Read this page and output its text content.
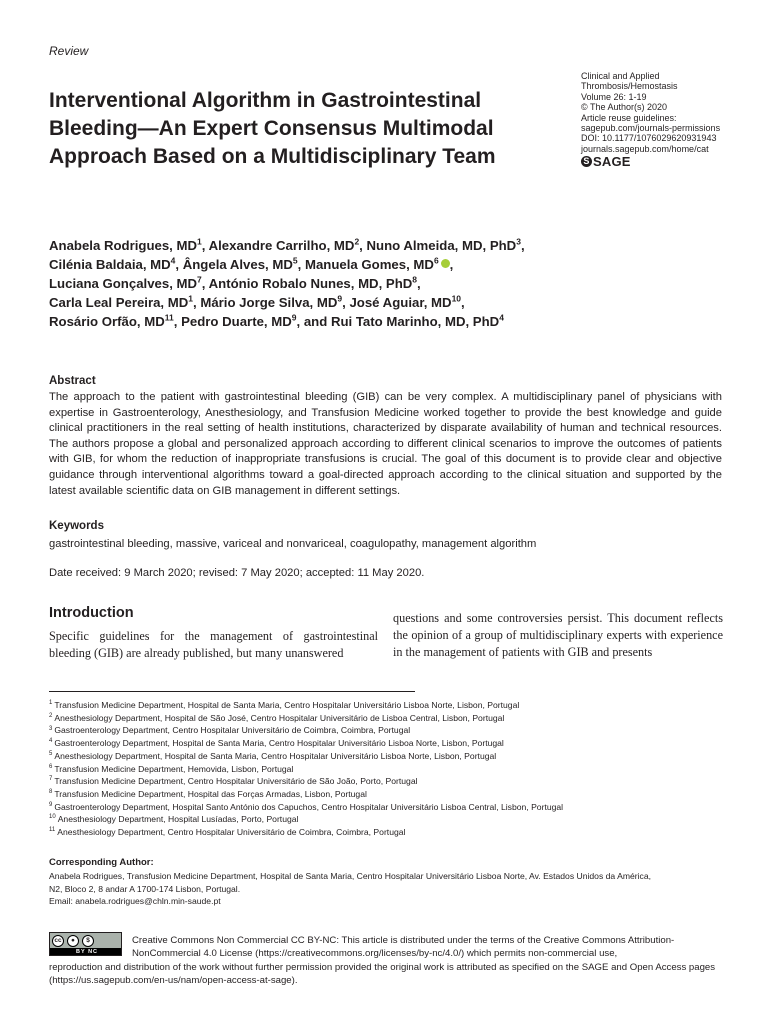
Review
Interventional Algorithm in Gastrointestinal Bleeding—An Expert Consensus Multimodal Approach Based on a Multidisciplinary Team
Clinical and Applied
Thrombosis/Hemostasis
Volume 26: 1-19
© The Author(s) 2020
Article reuse guidelines:
sagepub.com/journals-permissions
DOI: 10.1177/1076029620931943
journals.sagepub.com/home/cat
S SAGE
Anabela Rodrigues, $MD^1$, Alexandre Carrilho, $MD^2$, Nuno Almeida, MD, PhD$^3$,
Cilénia Baldaia, $MD^4$, Ângela Alves, $MD^5$, Manuela Gomes, $MD^6$ ,
Luciana Gonçalves, $MD^7$, António Robalo Nunes, MD, PhD$^8$,
Carla Leal Pereira, $MD^1$, Mário Jorge Silva, $MD^9$, José Aguiar, MD$^{10}$,
Rosário Orfão, MD$^{11}$, Pedro Duarte, $MD^9$, and Rui Tato Marinho, MD, PhD$^4$
Abstract
The approach to the patient with gastrointestinal bleeding (GIB) can be very complex. A multidisciplinary panel of physicians with expertise in Gastroenterology, Anesthesiology, and Transfusion Medicine worked together to provide the best knowledge and guide clinical practitioners in the real setting of health institutions, characterized by disparate availability of human and technical resources. The authors propose a global and personalized approach according to different clinical scenarios to improve the outcomes of patients with GIB, for whom the reduction of inappropriate transfusions is crucial. The goal of this document is to provide clear and objective guidance through interventional algorithms toward a goal-directed approach according to the clinical situation and supported by the latest available scientific data on GIB management in different settings.
Keywords
gastrointestinal bleeding, massive, variceal and nonvariceal, coagulopathy, management algorithm
Date received: 9 March 2020; revised: 7 May 2020; accepted: 11 May 2020.
Introduction
Specific guidelines for the management of gastrointestinal bleeding (GIB) are already published, but many unanswered
questions and some controversies persist. This document reflects the opinion of a group of multidisciplinary experts with experience in the management of patients with GIB and presents
$^1$ Transfusion Medicine Department, Hospital de Santa Maria, Centro Hospitalar Universitário Lisboa Norte, Lisbon, Portugal
$^2$ Anesthesiology Department, Hospital de São José, Centro Hospitalar Universitário de Lisboa Central, Lisbon, Portugal
$^3$ Gastroenterology Department, Centro Hospitalar Universitário de Coimbra, Coimbra, Portugal
$^4$ Gastroenterology Department, Hospital de Santa Maria, Centro Hospitalar Universitário Lisboa Norte, Lisbon, Portugal
$^5$ Anesthesiology Department, Hospital de Santa Maria, Centro Hospitalar Universitário Lisboa Norte, Lisbon, Portugal
$^6$ Transfusion Medicine Department, Hemovida, Lisbon, Portugal
$^7$ Transfusion Medicine Department, Centro Hospitalar Universitário de São João, Porto, Portugal
$^8$ Transfusion Medicine Department, Hospital das Forças Armadas, Lisbon, Portugal
$^9$ Gastroenterology Department, Hospital Santo António dos Capuchos, Centro Hospitalar Universitário Lisboa Central, Lisbon, Portugal
$^{10}$ Anesthesiology Department, Hospital Lusíadas, Porto, Portugal
$^{11}$ Anesthesiology Department, Centro Hospitalar Universitário de Coimbra, Coimbra, Portugal
Corresponding Author:
Anabela Rodrigues, Transfusion Medicine Department, Hospital de Santa Maria, Centro Hospitalar Universitário Lisboa Norte, Av. Estados Unidos da América,
N2, Bloco 2, 8 andar A 1700-174 Lisbon, Portugal.
Email: anabela.rodrigues@chln.min-saude.pt
cc	●	$
BY NC
Creative Commons Non Commercial CC BY-NC: This article is distributed under the terms of the Creative Commons Attribution-NonCommercial 4.0 License (https://creativecommons.org/licenses/by-nc/4.0/) which permits non-commercial use,
reproduction and distribution of the work without further permission provided the original work is attributed as specified on the SAGE and Open Access pages (https://us.sagepub.com/en-us/nam/open-access-at-sage).
